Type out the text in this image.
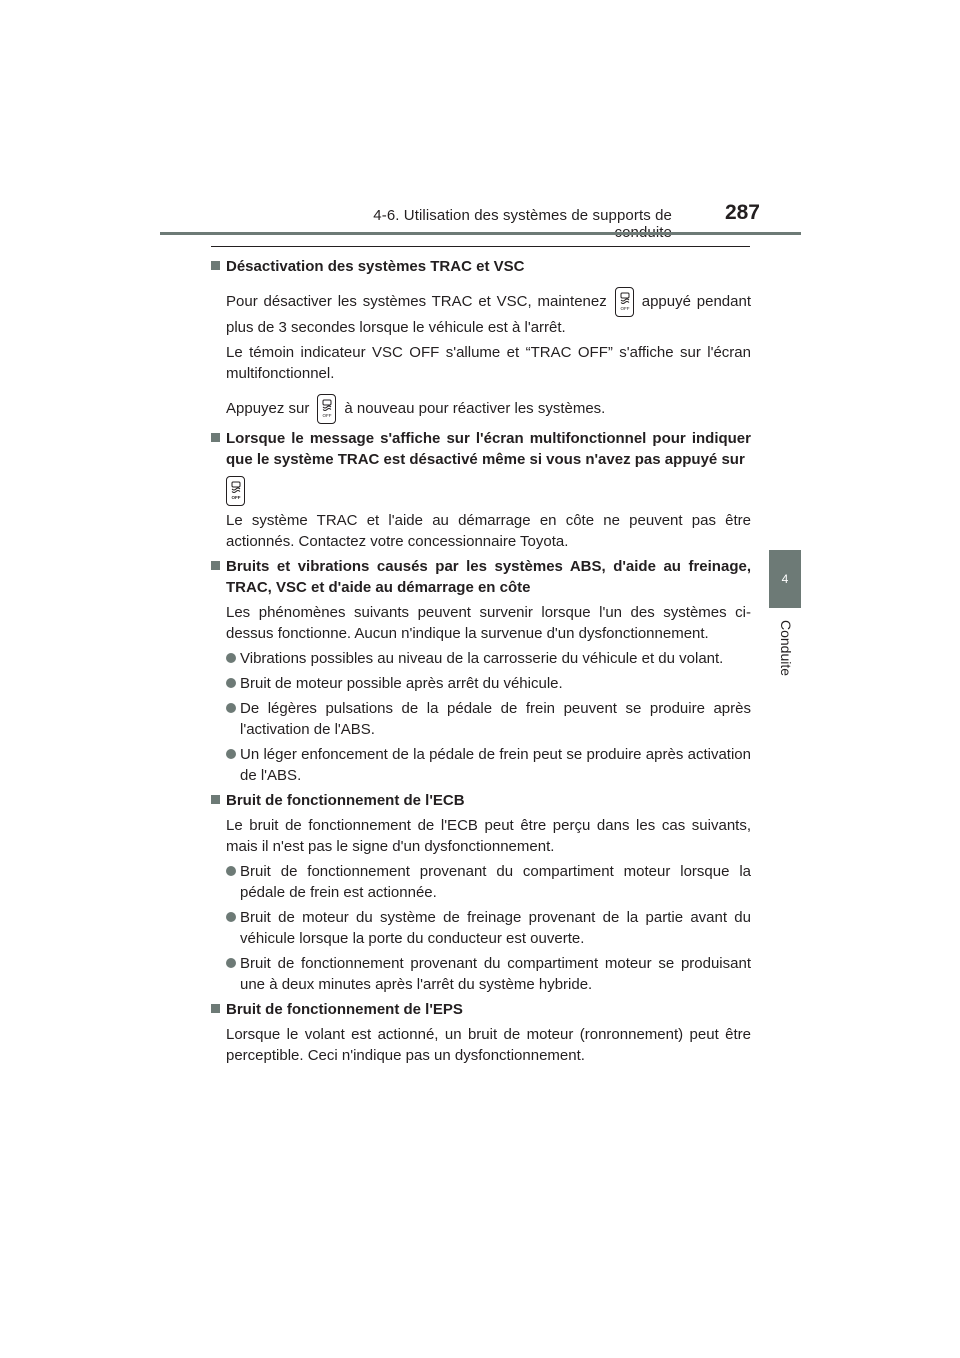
4-6. Utilisation des systèmes de supports de	287
4
Conduite
Désactivation des systèmes TRAC et VSC
Pour désactiver les systèmes TRAC et VSC, maintenez	OFF appuyé pendant plus de 3 secondes lorsque le véhicule est à l'arrêt.
Le témoin indicateur VSC OFF s'allume et “TRAC OFF” s'affiche sur l'écran multifonctionnel.
Appuyez sur	OFF à nouveau pour réactiver les systèmes.
Lorsque le message s'affiche sur l'écran multifonctionnel pour indiquer que le système TRAC est désactivé même si vous n'avez pas appuyé sur
OFF
Le système TRAC et l'aide au démarrage en côte ne peuvent pas être actionnés. Contactez votre concessionnaire Toyota.
Bruits et vibrations causés par les systèmes ABS, d'aide au freinage, TRAC, VSC et d'aide au démarrage en côte
Les phénomènes suivants peuvent survenir lorsque l'un des systèmes ci-dessus fonctionne. Aucun n'indique la survenue d'un dysfonctionnement.
Vibrations possibles au niveau de la carrosserie du véhicule et du volant.
Bruit de moteur possible après arrêt du véhicule.
De légères pulsations de la pédale de frein peuvent se produire après l'activation de l'ABS.
Un léger enfoncement de la pédale de frein peut se produire après activation de l'ABS.
Bruit de fonctionnement de l'ECB
Le bruit de fonctionnement de l'ECB peut être perçu dans les cas suivants, mais il n'est pas le signe d'un dysfonctionnement.
Bruit de fonctionnement provenant du compartiment moteur lorsque la pédale de frein est actionnée.
Bruit de moteur du système de freinage provenant de la partie avant du véhicule lorsque la porte du conducteur est ouverte.
Bruit de fonctionnement provenant du compartiment moteur se produisant une à deux minutes après l'arrêt du système hybride.
Bruit de fonctionnement de l'EPS
Lorsque le volant est actionné, un bruit de moteur (ronronnement) peut être perceptible. Ceci n'indique pas un dysfonctionnement.
